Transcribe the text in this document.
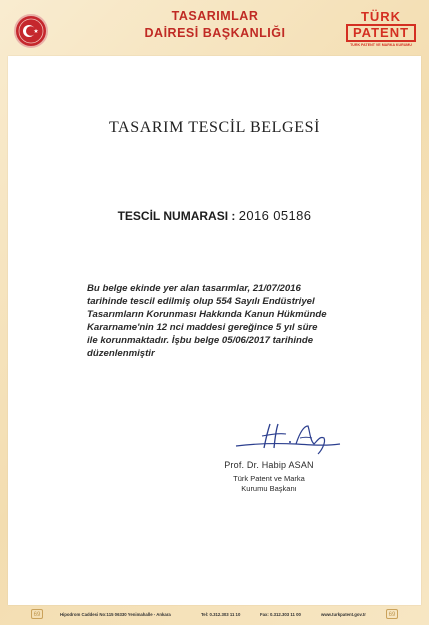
TASARIMLAR
DAİRESİ BAŞKANLIĞI
TÜRK
PATENT
TÜRK PATENT VE MARKA KURUMU
TASARIM TESCİL BELGESİ
TESCİL NUMARASI : 2016 05186
Bu belge ekinde yer alan tasarımlar, 21/07/2016
tarihinde tescil edilmiş olup 554 Sayılı Endüstriyel
Tasarımların Korunması Hakkında Kanun Hükmünde
Kararname'nin 12 nci maddesi gereğince 5 yıl süre
ile korunmaktadır. İşbu belge 05/06/2017 tarihinde
düzenlenmiştir
Prof. Dr. Habip ASAN
Türk Patent ve Marka
Kurumu Başkanı
69	Hipodrom Caddesi No:115 06330 Yenimahalle - Ankara	Tel: 0.312.303 11 10	Fax: 0.312.303 11 00	www.turkpatent.gov.tr	69
